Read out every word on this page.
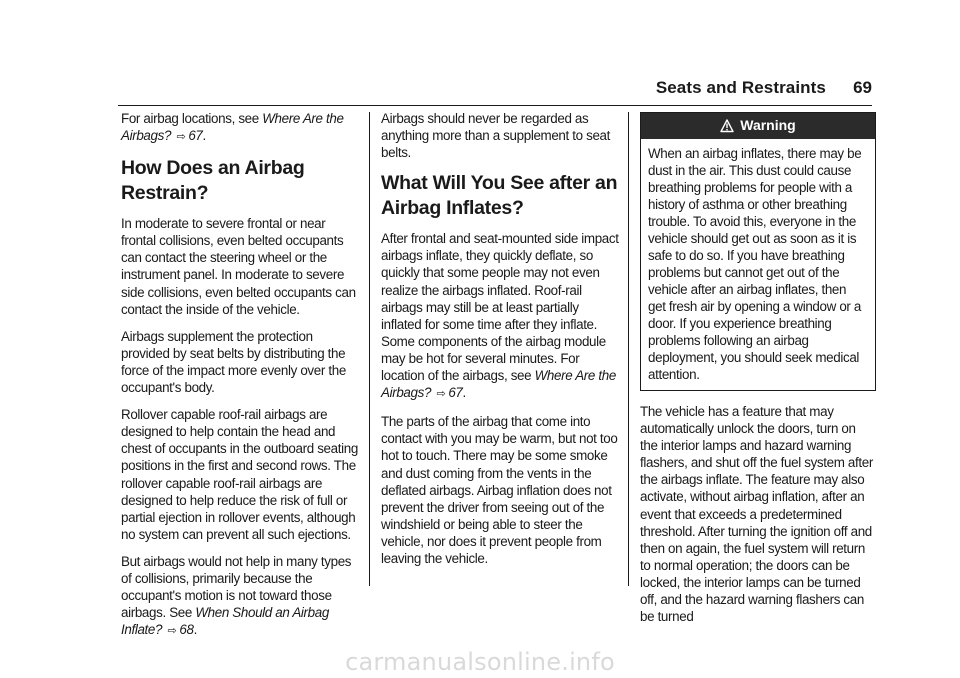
Seats and Restraints 69

For airbag locations, see Where Are the Airbags? ⇨ 67.

How Does an Airbag Restrain?

In moderate to severe frontal or near frontal collisions, even belted occupants can contact the steering wheel or the instrument panel. In moderate to severe side collisions, even belted occupants can contact the inside of the vehicle.

Airbags supplement the protection provided by seat belts by distributing the force of the impact more evenly over the occupant's body.

Rollover capable roof-rail airbags are designed to help contain the head and chest of occupants in the outboard seating positions in the first and second rows. The rollover capable roof-rail airbags are designed to help reduce the risk of full or partial ejection in rollover events, although no system can prevent all such ejections.

But airbags would not help in many types of collisions, primarily because the occupant's motion is not toward those airbags. See When Should an Airbag Inflate? ⇨ 68.

Airbags should never be regarded as anything more than a supplement to seat belts.

What Will You See after an Airbag Inflates?

After frontal and seat-mounted side impact airbags inflate, they quickly deflate, so quickly that some people may not even realize the airbags inflated. Roof-rail airbags may still be at least partially inflated for some time after they inflate. Some components of the airbag module may be hot for several minutes. For location of the airbags, see Where Are the Airbags? ⇨ 67.

The parts of the airbag that come into contact with you may be warm, but not too hot to touch. There may be some smoke and dust coming from the vents in the deflated airbags. Airbag inflation does not prevent the driver from seeing out of the windshield or being able to steer the vehicle, nor does it prevent people from leaving the vehicle.

Warning
When an airbag inflates, there may be dust in the air. This dust could cause breathing problems for people with a history of asthma or other breathing trouble. To avoid this, everyone in the vehicle should get out as soon as it is safe to do so. If you have breathing problems but cannot get out of the vehicle after an airbag inflates, then get fresh air by opening a window or a door. If you experience breathing problems following an airbag deployment, you should seek medical attention.

The vehicle has a feature that may automatically unlock the doors, turn on the interior lamps and hazard warning flashers, and shut off the fuel system after the airbags inflate. The feature may also activate, without airbag inflation, after an event that exceeds a predetermined threshold. After turning the ignition off and then on again, the fuel system will return to normal operation; the doors can be locked, the interior lamps can be turned off, and the hazard warning flashers can be turned

carmanualsonline.info
